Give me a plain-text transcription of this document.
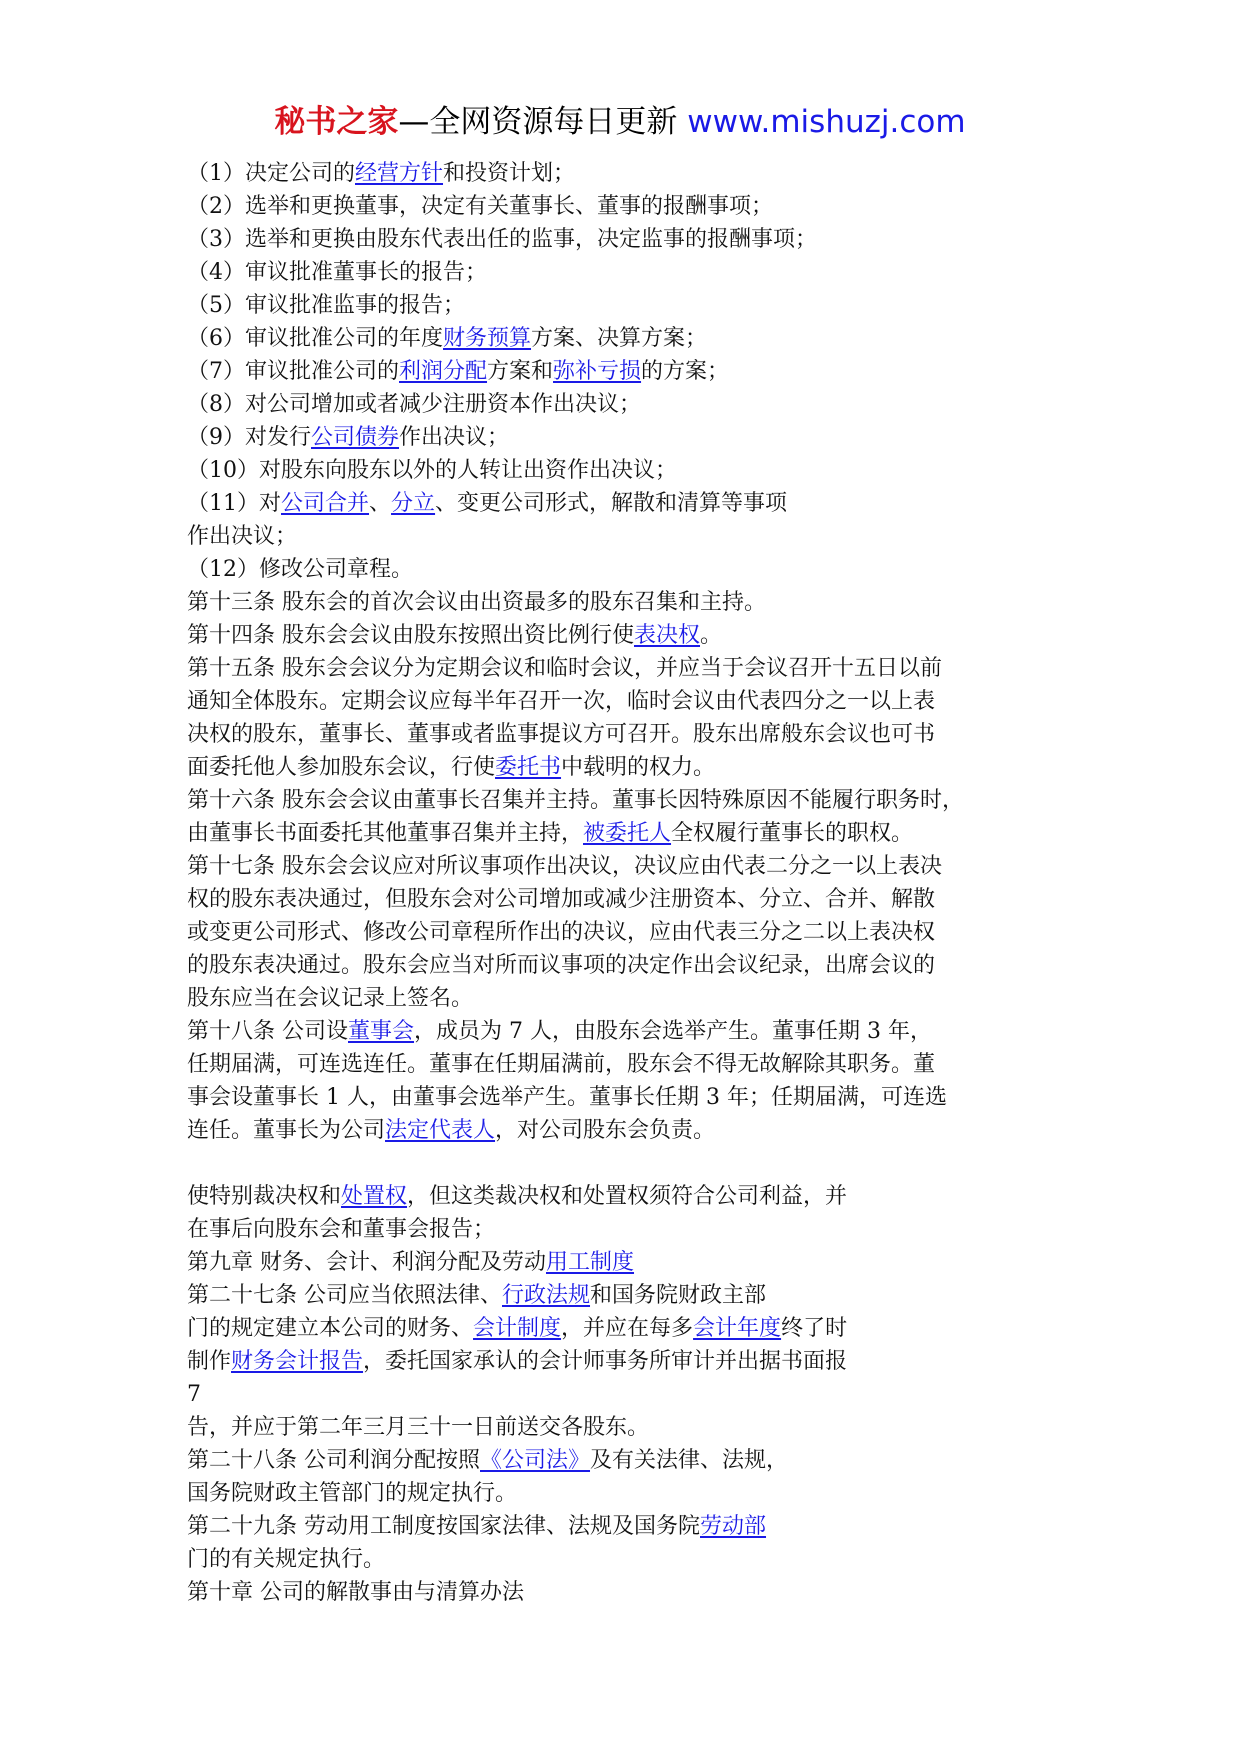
秘书之家—全网资源每日更新 www.mishuzj.com
（1）决定公司的经营方针和投资计划；
（2）选举和更换董事，决定有关董事长、董事的报酬事项；
（3）选举和更换由股东代表出任的监事，决定监事的报酬事项；
（4）审议批准董事长的报告；
（5）审议批准监事的报告；
（6）审议批准公司的年度财务预算方案、决算方案；
（7）审议批准公司的利润分配方案和弥补亏损的方案；
（8）对公司增加或者减少注册资本作出决议；
（9）对发行公司债券作出决议；
（10）对股东向股东以外的人转让出资作出决议；
（11）对公司合并、分立、变更公司形式，解散和清算等事项
作出决议；
（12）修改公司章程。
第十三条 股东会的首次会议由出资最多的股东召集和主持。
第十四条 股东会会议由股东按照出资比例行使表决权。
第十五条 股东会会议分为定期会议和临时会议，并应当于会议召开十五日以前
通知全体股东。定期会议应每半年召开一次，临时会议由代表四分之一以上表
决权的股东，董事长、董事或者监事提议方可召开。股东出席般东会议也可书
面委托他人参加股东会议，行使委托书中载明的权力。
第十六条 股东会会议由董事长召集并主持。董事长因特殊原因不能履行职务时，
由董事长书面委托其他董事召集并主持，被委托人全权履行董事长的职权。
第十七条 股东会会议应对所议事项作出决议，决议应由代表二分之一以上表决
权的股东表决通过，但股东会对公司增加或减少注册资本、分立、合并、解散
或变更公司形式、修改公司章程所作出的决议，应由代表三分之二以上表决权
的股东表决通过。股东会应当对所而议事项的决定作出会议纪录，出席会议的
股东应当在会议记录上签名。
第十八条 公司设董事会，成员为 7 人，由股东会选举产生。董事任期 3 年，
任期届满，可连选连任。董事在任期届满前，股东会不得无故解除其职务。董
事会设董事长 1 人，由董事会选举产生。董事长任期 3 年；任期届满，可连选
连任。董事长为公司法定代表人，对公司股东会负责。
使特别裁决权和处置权，但这类裁决权和处置权须符合公司利益，并
在事后向股东会和董事会报告；
第九章 财务、会计、利润分配及劳动用工制度
第二十七条 公司应当依照法律、行政法规和国务院财政主部
门的规定建立本公司的财务、会计制度，并应在每多会计年度终了时
制作财务会计报告，委托国家承认的会计师事务所审计并出据书面报
7
告，并应于第二年三月三十一日前送交各股东。
第二十八条 公司利润分配按照《公司法》及有关法律、法规，
国务院财政主管部门的规定执行。
第二十九条 劳动用工制度按国家法律、法规及国务院劳动部
门的有关规定执行。
第十章 公司的解散事由与清算办法
